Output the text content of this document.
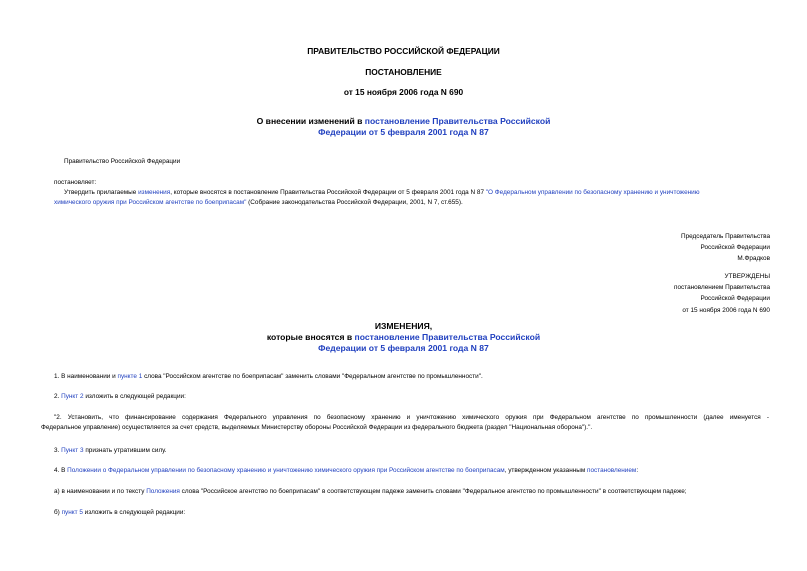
ПРАВИТЕЛЬСТВО РОССИЙСКОЙ ФЕДЕРАЦИИ
ПОСТАНОВЛЕНИЕ
от 15 ноября 2006 года N 690
О внесении изменений в постановление Правительства Российской
Федерации от 5 февраля 2001 года N 87
Правительство Российской Федерации
постановляет:
Утвердить прилагаемые изменения, которые вносятся в постановление Правительства Российской Федерации от 5 февраля 2001 года N 87 "О Федеральном управлении по безопасному хранению и уничтожению
химического оружия при Российском агентстве по боеприпасам" (Собрание законодательства Российской Федерации, 2001, N 7, ст.655).
Председатель Правительства
Российской Федерации
М.Фрадков
УТВЕРЖДЕНЫ
постановлением Правительства
Российской Федерации
от 15 ноября 2006 года N 690
ИЗМЕНЕНИЯ,
которые вносятся в постановление Правительства Российской
Федерации от 5 февраля 2001 года N 87
1. В наименовании и пункте 1 слова "Российском агентстве по боеприпасам" заменить словами "Федеральном агентстве по промышленности".
2. Пункт 2 изложить в следующей редакции:
"2. Установить, что финансирование содержания Федерального управления по безопасному хранению и уничтожению химического оружия при Федеральном агентстве по промышленности (далее именуется -
Федеральное управление) осуществляется за счет средств, выделяемых Министерству обороны Российской Федерации из федерального бюджета (раздел "Национальная оборона").".
3. Пункт 3 признать утратившим силу.
4. В Положении о Федеральном управлении по безопасному хранению и уничтожению химического оружия при Российском агентстве по боеприпасам, утвержденном указанным постановлением:
а) в наименовании и по тексту Положения слова "Российское агентство по боеприпасам" в соответствующем падеже заменить словами "Федеральное агентство по промышленности" в соответствующем падеже;
б) пункт 5 изложить в следующей редакции:
